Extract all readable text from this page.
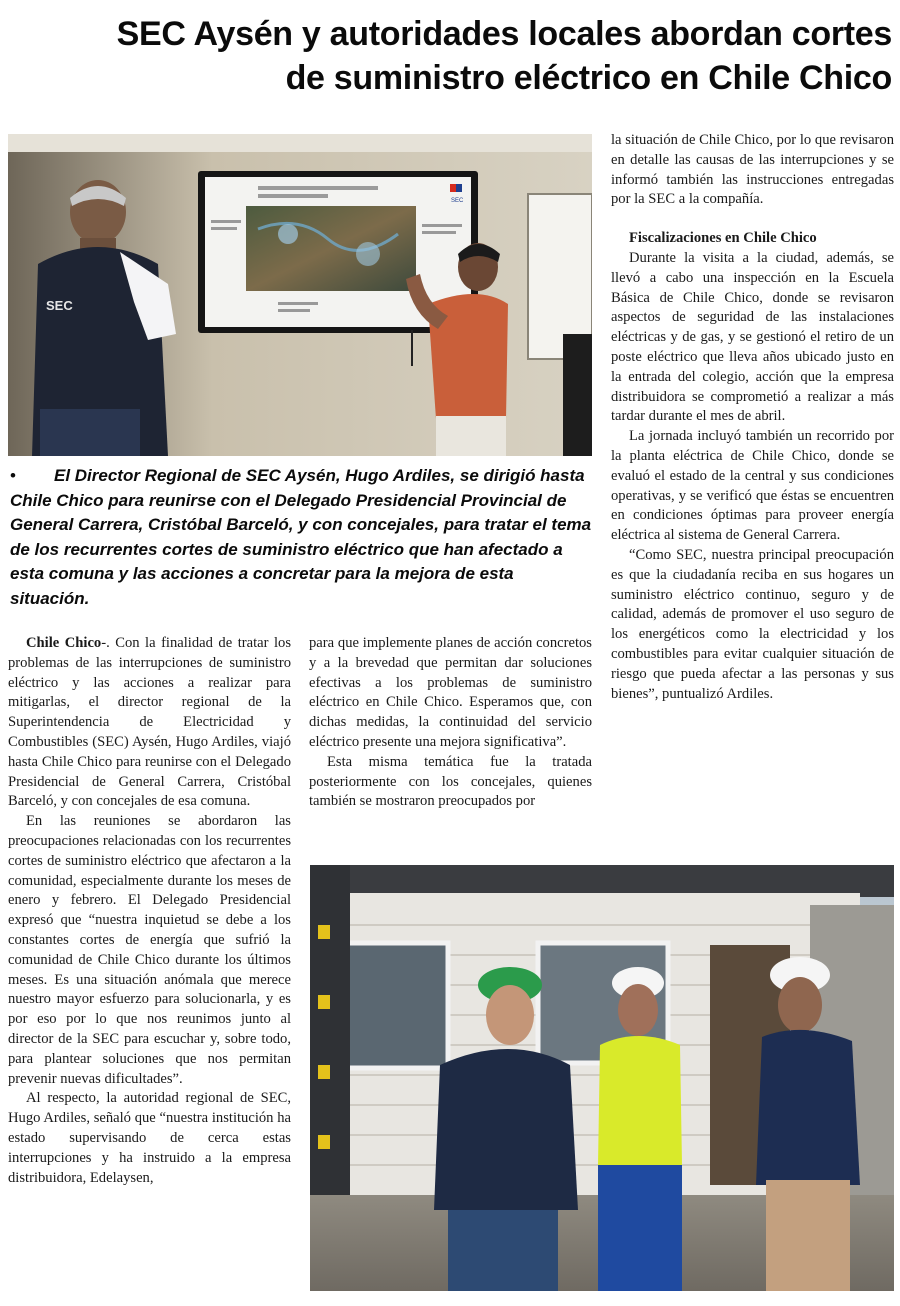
SEC Aysén y autoridades locales abordan cortes
de suministro eléctrico en Chile Chico
SEC
SEC

• El Director Regional de SEC Aysén, Hugo Ardiles, se dirigió hasta Chile Chico para reunirse con el Delegado Presidencial Provincial de General Carrera, Cristóbal Barceló, y con concejales, para tratar el tema de los recurrentes cortes de suministro eléctrico que han afectado a esta comuna y las acciones a concretar para la mejora de esta situación.

Chile Chico-. Con la finalidad de tratar los problemas de las interrupciones de suministro eléctrico y las acciones a realizar para mitigarlas, el director regional de la Superintendencia de Electricidad y Combustibles (SEC) Aysén, Hugo Ardiles, viajó hasta Chile Chico para reunirse con el Delegado Presidencial de General Carrera, Cristóbal Barceló, y con concejales de esa comuna.

En las reuniones se abordaron las preocupaciones relacionadas con los recurrentes cortes de suministro eléctrico que afectaron a la comunidad, especialmente durante los meses de enero y febrero. El Delegado Presidencial expresó que “nuestra inquietud se debe a los constantes cortes de energía que sufrió la comunidad de Chile Chico durante los últimos meses. Es una situación anómala que merece nuestro mayor esfuerzo para solucionarla, y es por eso por lo que nos reunimos junto al director de la SEC para escuchar y, sobre todo, para plantear soluciones que nos permitan prevenir nuevas dificultades”.

Al respecto, la autoridad regional de SEC, Hugo Ardiles, señaló que “nuestra institución ha estado supervisando de cerca estas interrupciones y ha instruido a la empresa distribuidora, Edelaysen,

para que implemente planes de acción concretos y a la brevedad que permitan dar soluciones efectivas a los problemas de suministro eléctrico en Chile Chico. Esperamos que, con dichas medidas, la continuidad del servicio eléctrico presente una mejora significativa”.

Esta misma temática fue la tratada posteriormente con los concejales, quienes también se mostraron preocupados por

la situación de Chile Chico, por lo que revisaron en detalle las causas de las interrupciones y se informó también las instrucciones entregadas por la SEC a la compañía.

Fiscalizaciones en Chile Chico

Durante la visita a la ciudad, además, se llevó a cabo una inspección en la Escuela Básica de Chile Chico, donde se revisaron aspectos de seguridad de las instalaciones eléctricas y de gas, y se gestionó el retiro de un poste eléctrico que lleva años ubicado justo en la entrada del colegio, acción que la empresa distribuidora se comprometió a realizar a más tardar durante el mes de abril.

La jornada incluyó también un recorrido por la planta eléctrica de Chile Chico, donde se evaluó el estado de la central y sus condiciones operativas, y se verificó que éstas se encuentren en condiciones óptimas para proveer energía eléctrica al sistema de General Carrera.

“Como SEC, nuestra principal preocupación es que la ciudadanía reciba en sus hogares un suministro eléctrico continuo, seguro y de calidad, además de promover el uso seguro de los energéticos como la electricidad y los combustibles para evitar cualquier situación de riesgo que pueda afectar a las personas y sus bienes”, puntualizó Ardiles.
